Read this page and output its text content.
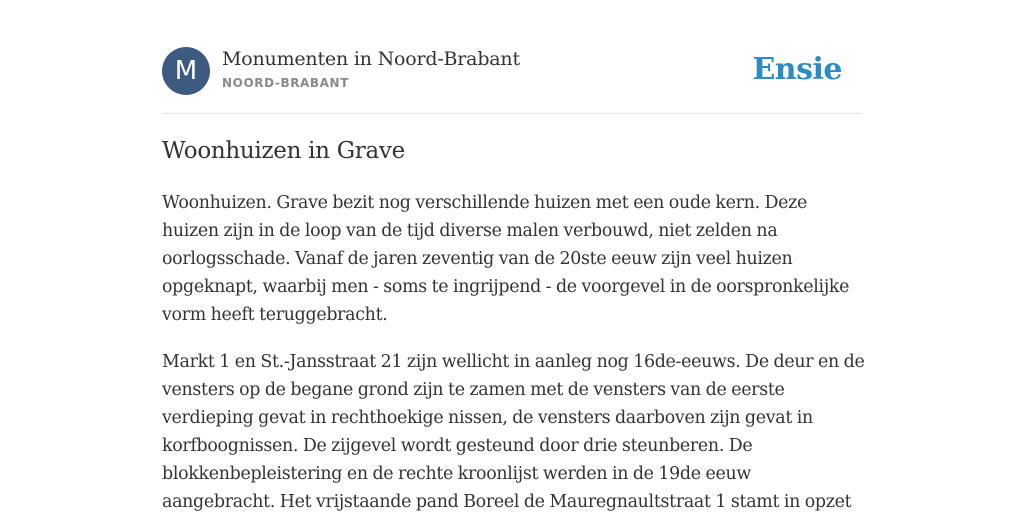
M	Monumenten in Noord-Brabant
NOORD-BRABANT	Ensie
Woonhuizen in Grave

Woonhuizen. Grave bezit nog verschillende huizen met een oude kern. Deze huizen zijn in de loop van de tijd diverse malen verbouwd, niet zelden na oorlogsschade. Vanaf de jaren zeventig van de 20ste eeuw zijn veel huizen opgeknapt, waarbij men - soms te ingrijpend - de voorgevel in de oorspronkelijke vorm heeft teruggebracht.

Markt 1 en St.-Jansstraat 21 zijn wellicht in aanleg nog 16de-eeuws. De deur en de vensters op de begane grond zijn te zamen met de vensters van de eerste verdieping gevat in rechthoekige nissen, de vensters daarboven zijn gevat in korfboognissen. De zijgevel wordt gesteund door drie steunberen. De blokkenbepleistering en de rechte kroonlijst werden in de 19de eeuw aangebracht. Het vrijstaande pand Boreel de Mauregnaultstraat 1 stamt in opzet
